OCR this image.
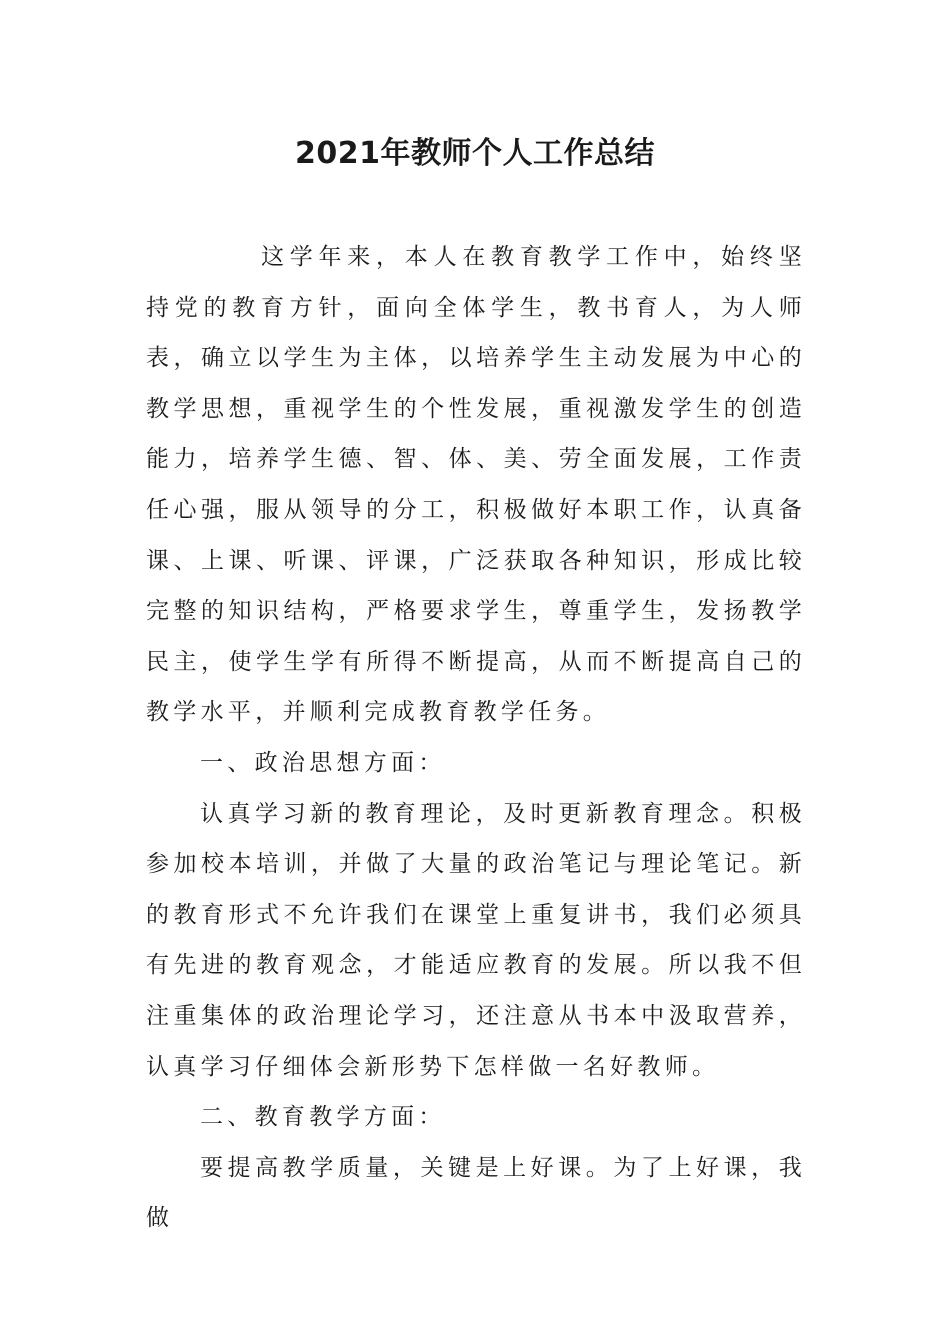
2021年教师个人工作总结

这学年来，本人在教育教学工作中，始终坚持党的教育方针，面向全体学生，教书育人，为人师表，确立以学生为主体，以培养学生主动发展为中心的教学思想，重视学生的个性发展，重视激发学生的创造能力，培养学生德、智、体、美、劳全面发展，工作责任心强，服从领导的分工，积极做好本职工作，认真备课、上课、听课、评课，广泛获取各种知识，形成比较完整的知识结构，严格要求学生，尊重学生，发扬教学民主，使学生学有所得不断提高，从而不断提高自己的教学水平，并顺利完成教育教学任务。

一、政治思想方面：

认真学习新的教育理论，及时更新教育理念。积极参加校本培训，并做了大量的政治笔记与理论笔记。新的教育形式不允许我们在课堂上重复讲书，我们必须具有先进的教育观念，才能适应教育的发展。所以我不但注重集体的政治理论学习，还注意从书本中汲取营养，认真学习仔细体会新形势下怎样做一名好教师。

二、教育教学方面：

要提高教学质量，关键是上好课。为了上好课，我做
